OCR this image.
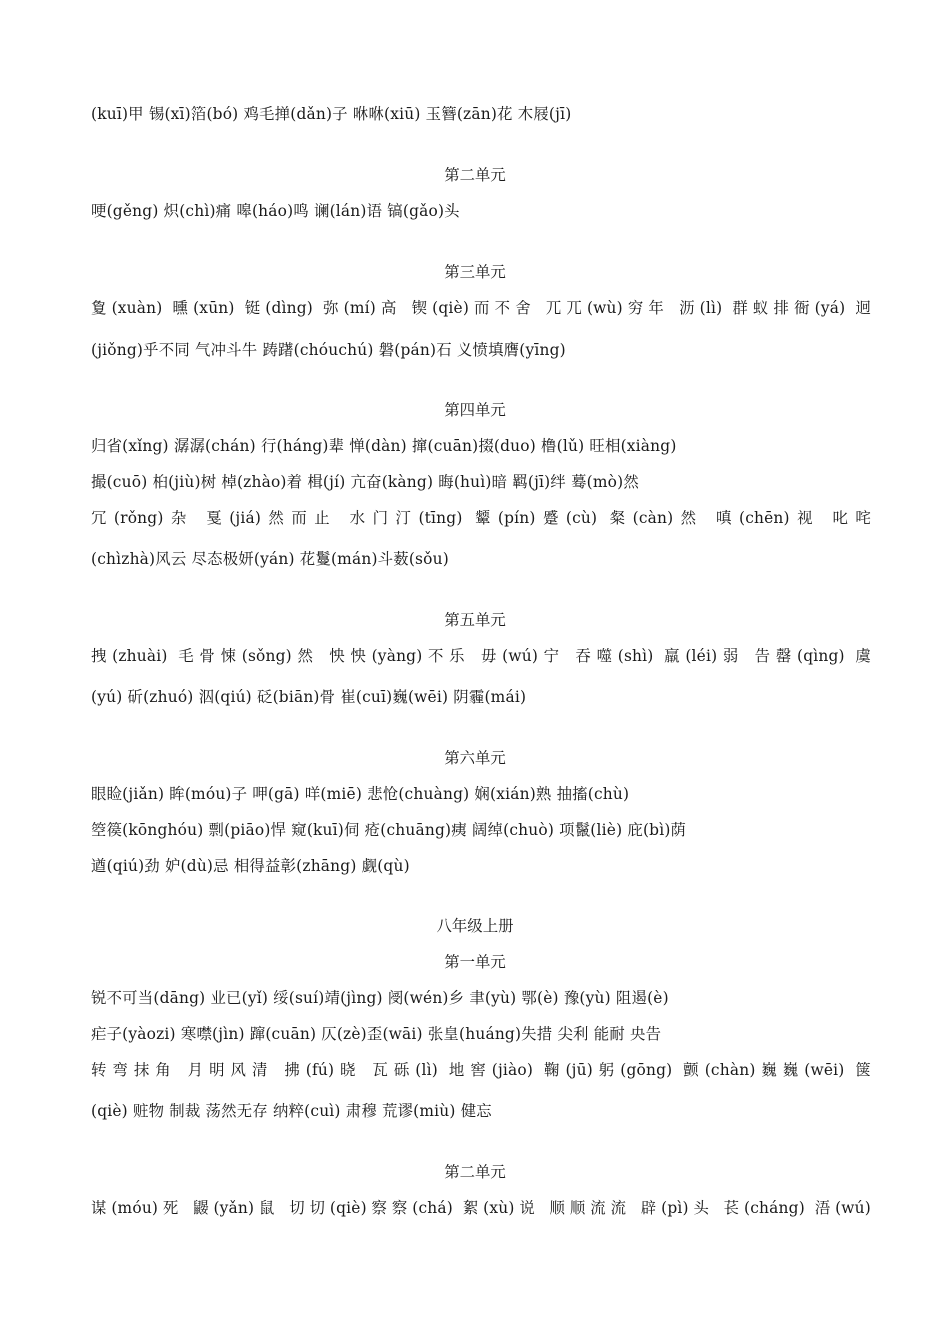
(kuī)甲 锡(xī)箔(bó) 鸡毛掸(dǎn)子 咻咻(xiū) 玉簪(zān)花 木屐(jī)
第二单元
哽(gěng) 炽(chì)痛 嗥(háo)鸣 谰(lán)语 镐(gǎo)头
第三单元
夐(xuàn) 曛(xūn) 铤(dìng) 弥(mí)高 锲(qiè)而不舍 兀兀(wù)穷年 沥(lì) 群蚁排衙(yá) 迥
(jiǒng)乎不同 气冲斗牛 踌躇(chóuchú) 磐(pán)石 义愤填膺(yīng)
第四单元
归省(xǐng) 潺潺(chán) 行(háng)辈 惮(dàn) 撺(cuān)掇(duo) 橹(lǔ) 旺相(xiàng)
撮(cuō) 桕(jiù)树 棹(zhào)着 楫(jí) 亢奋(kàng) 晦(huì)暗 羁(jī)绊 蓦(mò)然
冗(rǒng)杂 戛(jiá)然而止 水门汀(tīng) 颦(pín)蹙(cù) 粲(càn)然 嗔(chēn)视 叱咤
(chìzhà)风云 尽态极妍(yán) 花鬘(mán)斗薮(sǒu)
第五单元
拽(zhuài) 毛骨悚(sǒng)然 怏怏(yàng)不乐 毋(wú)宁 吞噬(shì) 羸(léi)弱 告罄(qìng) 虞
(yú) 斫(zhuó) 泅(qiú) 砭(biān)骨 崔(cuī)巍(wēi) 阴霾(mái)
第六单元
眼睑(jiǎn) 眸(móu)子 呷(gā) 咩(miē) 悲怆(chuàng) 娴(xián)熟 抽搐(chù)
箜篌(kōnghóu) 剽(piāo)悍 窥(kuī)伺 疮(chuāng)痍 阔绰(chuò) 项鬣(liè) 庇(bì)荫
遒(qiú)劲 妒(dù)忌 相得益彰(zhāng) 觑(qù)
八年级上册
第一单元
锐不可当(dāng) 业已(yǐ) 绥(suí)靖(jìng) 阌(wén)乡 聿(yù) 鄂(è) 豫(yù) 阻遏(è)
疟子(yàozi) 寒噤(jìn) 蹿(cuān) 仄(zè)歪(wāi) 张皇(huáng)失措 尖利 能耐 央告
转弯抹角 月明风清 拂(fú)晓 瓦砾(lì) 地窖(jiào) 鞠(jū)躬(gōng) 颤(chàn)巍巍(wēi) 箧
(qiè) 赃物 制裁 荡然无存 纳粹(cuì) 肃穆 荒谬(miù) 健忘
第二单元
谋(móu)死 鼹(yǎn)鼠 切切(qiè)察察(chá) 絮(xù)说 顺顺流流 辟(pì)头 苌(cháng) 浯(wú)
